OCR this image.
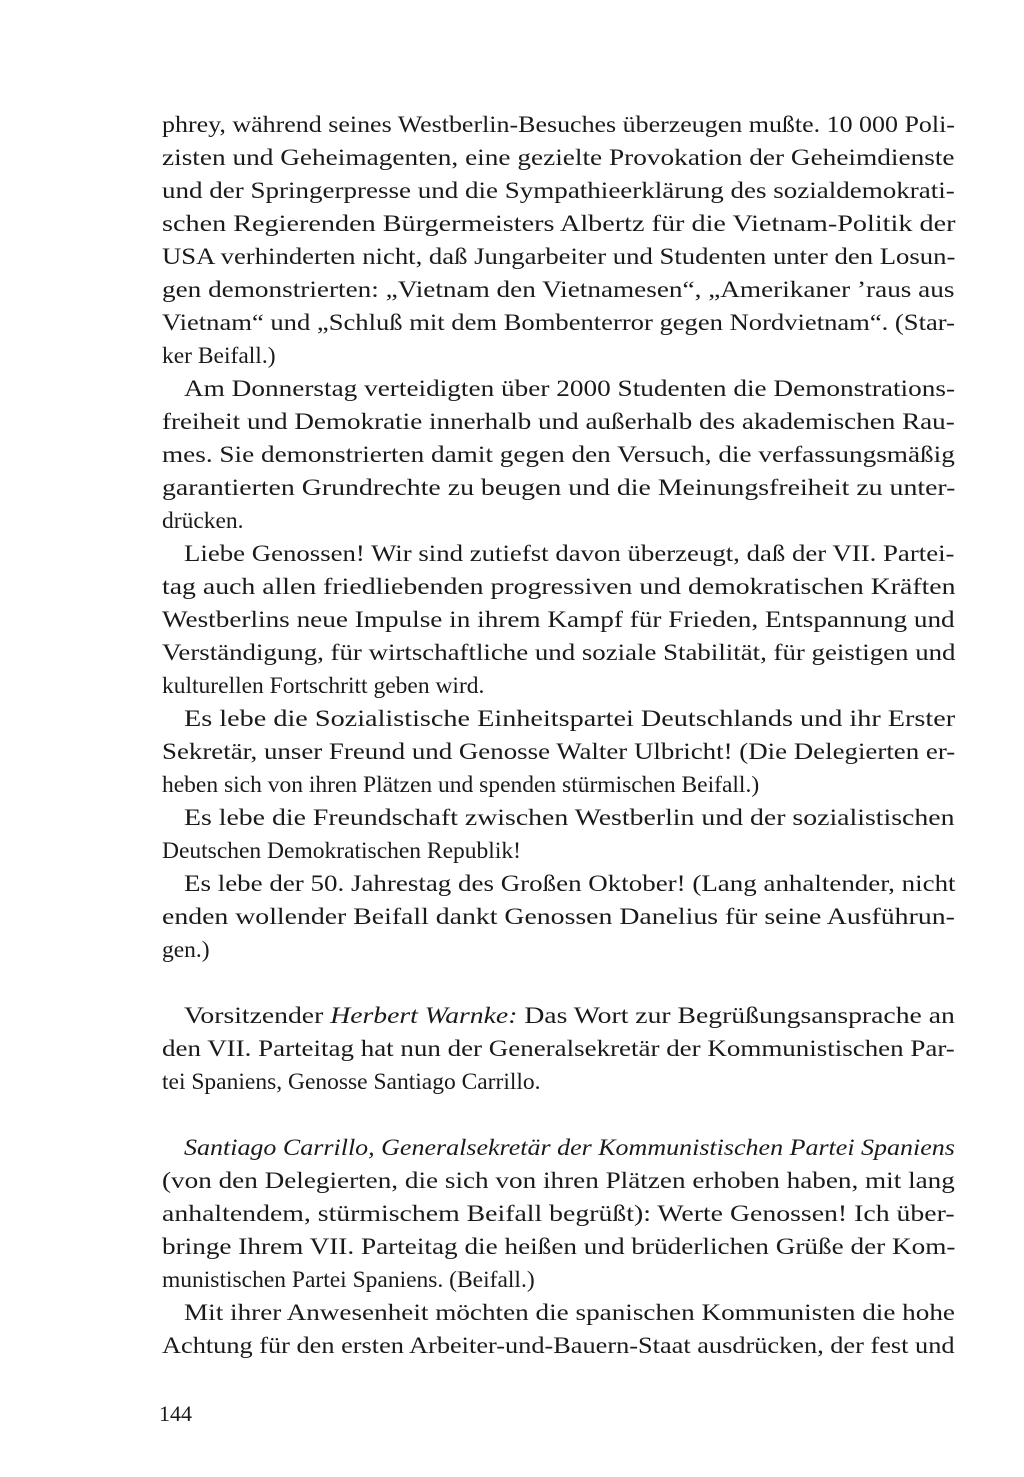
phrey, während seines Westberlin-Besuches überzeugen mußte. 10 000 Poli-
zisten und Geheimagenten, eine gezielte Provokation der Geheimdienste
und der Springerpresse und die Sympathieerklärung des sozialdemokrati-
schen Regierenden Bürgermeisters Albertz für die Vietnam-Politik der
USA verhinderten nicht, daß Jungarbeiter und Studenten unter den Losun-
gen demonstrierten: „Vietnam den Vietnamesen“, „Amerikaner ’raus aus
Vietnam“ und „Schluß mit dem Bombenterror gegen Nordvietnam“. (Star-
ker Beifall.)
Am Donnerstag verteidigten über 2000 Studenten die Demonstrations-
freiheit und Demokratie innerhalb und außerhalb des akademischen Rau-
mes. Sie demonstrierten damit gegen den Versuch, die verfassungsmäßig
garantierten Grundrechte zu beugen und die Meinungsfreiheit zu unter-
drücken.
Liebe Genossen! Wir sind zutiefst davon überzeugt, daß der VII. Partei-
tag auch allen friedliebenden progressiven und demokratischen Kräften
Westberlins neue Impulse in ihrem Kampf für Frieden, Entspannung und
Verständigung, für wirtschaftliche und soziale Stabilität, für geistigen und
kulturellen Fortschritt geben wird.
Es lebe die Sozialistische Einheitspartei Deutschlands und ihr Erster
Sekretär, unser Freund und Genosse Walter Ulbricht! (Die Delegierten er-
heben sich von ihren Plätzen und spenden stürmischen Beifall.)
Es lebe die Freundschaft zwischen Westberlin und der sozialistischen
Deutschen Demokratischen Republik!
Es lebe der 50. Jahrestag des Großen Oktober! (Lang anhaltender, nicht
enden wollender Beifall dankt Genossen Danelius für seine Ausführun-
gen.)
Vorsitzender Herbert Warnke: Das Wort zur Begrüßungsansprache an
den VII. Parteitag hat nun der Generalsekretär der Kommunistischen Par-
tei Spaniens, Genosse Santiago Carrillo.
Santiago Carrillo, Generalsekretär der Kommunistischen Partei Spaniens
(von den Delegierten, die sich von ihren Plätzen erhoben haben, mit lang
anhaltendem, stürmischem Beifall begrüßt): Werte Genossen! Ich über-
bringe Ihrem VII. Parteitag die heißen und brüderlichen Grüße der Kom-
munistischen Partei Spaniens. (Beifall.)
Mit ihrer Anwesenheit möchten die spanischen Kommunisten die hohe
Achtung für den ersten Arbeiter-und-Bauern-Staat ausdrücken, der fest und
144
